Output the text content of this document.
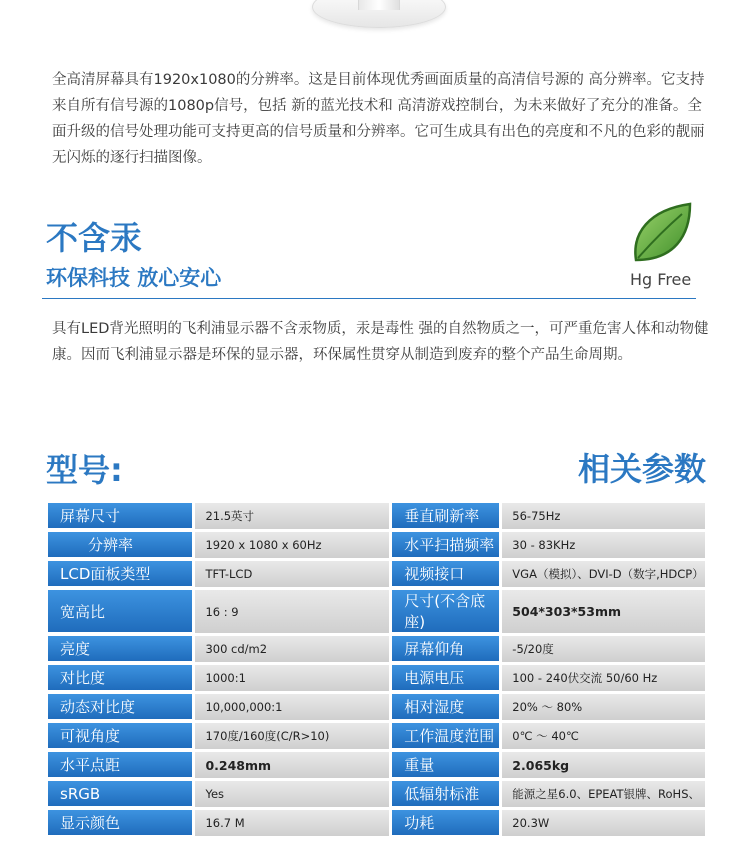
全高清屏幕具有1920x1080的分辨率。这是目前体现优秀画面质量的高清信号源的 高分辨率。它支持来自所有信号源的1080p信号，包括 新的蓝光技术和 高清游戏控制台，为未来做好了充分的准备。全面升级的信号处理功能可支持更高的信号质量和分辨率。它可生成具有出色的亮度和不凡的色彩的靓丽无闪烁的逐行扫描图像。

不含汞
环保科技 放心安心	Hg Free

具有LED背光照明的飞利浦显示器不含汞物质，汞是毒性 强的自然物质之一，可严重危害人体和动物健康。因而飞利浦显示器是环保的显示器，环保属性贯穿从制造到废弃的整个产品生命周期。

型号:	相关参数
屏幕尺寸	21.5英寸	垂直刷新率	56-75Hz
分辨率	1920 x 1080 x 60Hz	水平扫描频率	30 - 83KHz
LCD面板类型	TFT-LCD	视频接口	VGA（模拟）、DVI-D（数字,HDCP）
宽高比	16 : 9	尺寸(不含底座)	504*303*53mm
亮度	300 cd/m2	屏幕仰角	-5/20度
对比度	1000:1	电源电压	100 - 240伏交流 50/60 Hz
动态对比度	10,000,000:1	相对湿度	20% ～ 80%
可视角度	170度/160度(C/R>10)	工作温度范围	0℃ ～ 40℃
水平点距	0.248mm	重量	2.065kg
sRGB	Yes	低辐射标准	能源之星6.0、EPEAT银牌、RoHS、
显示颜色	16.7 M	功耗	20.3W
